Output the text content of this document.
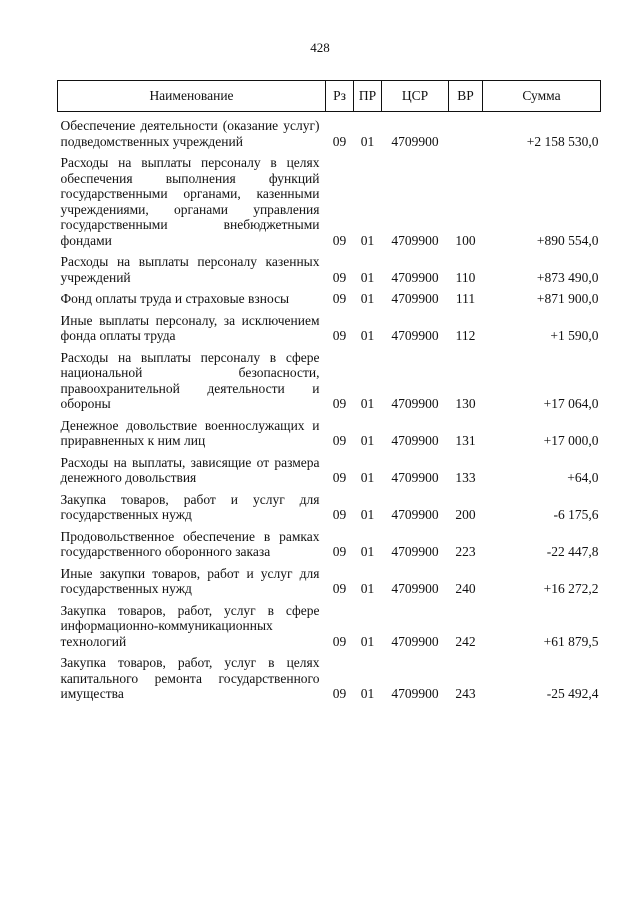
428
Наименование	Рз	ПР	ЦСР	ВР	Сумма
Обеспечение деятельности (оказание услуг) подведомственных учреждений	09	01	4709900		+2 158 530,0
Расходы на выплаты персоналу в целях обеспечения выполнения функций государственными органами, казенными учреждениями, органами управления государственными внебюджетными фондами	09	01	4709900	100	+890 554,0
Расходы на выплаты персоналу казенных учреждений	09	01	4709900	110	+873 490,0
Фонд оплаты труда и страховые взносы	09	01	4709900	111	+871 900,0
Иные выплаты персоналу, за исключением фонда оплаты труда	09	01	4709900	112	+1 590,0
Расходы на выплаты персоналу в сфере национальной безопасности, правоохранительной деятельности и обороны	09	01	4709900	130	+17 064,0
Денежное довольствие военнослужащих и приравненных к ним лиц	09	01	4709900	131	+17 000,0
Расходы на выплаты, зависящие от размера денежного довольствия	09	01	4709900	133	+64,0
Закупка товаров, работ и услуг для государственных нужд	09	01	4709900	200	-6 175,6
Продовольственное обеспечение в рамках государственного оборонного заказа	09	01	4709900	223	-22 447,8
Иные закупки товаров, работ и услуг для государственных нужд	09	01	4709900	240	+16 272,2
Закупка товаров, работ, услуг в сфере информационно-коммуникационных технологий	09	01	4709900	242	+61 879,5
Закупка товаров, работ, услуг в целях капитального ремонта государственного имущества	09	01	4709900	243	-25 492,4
